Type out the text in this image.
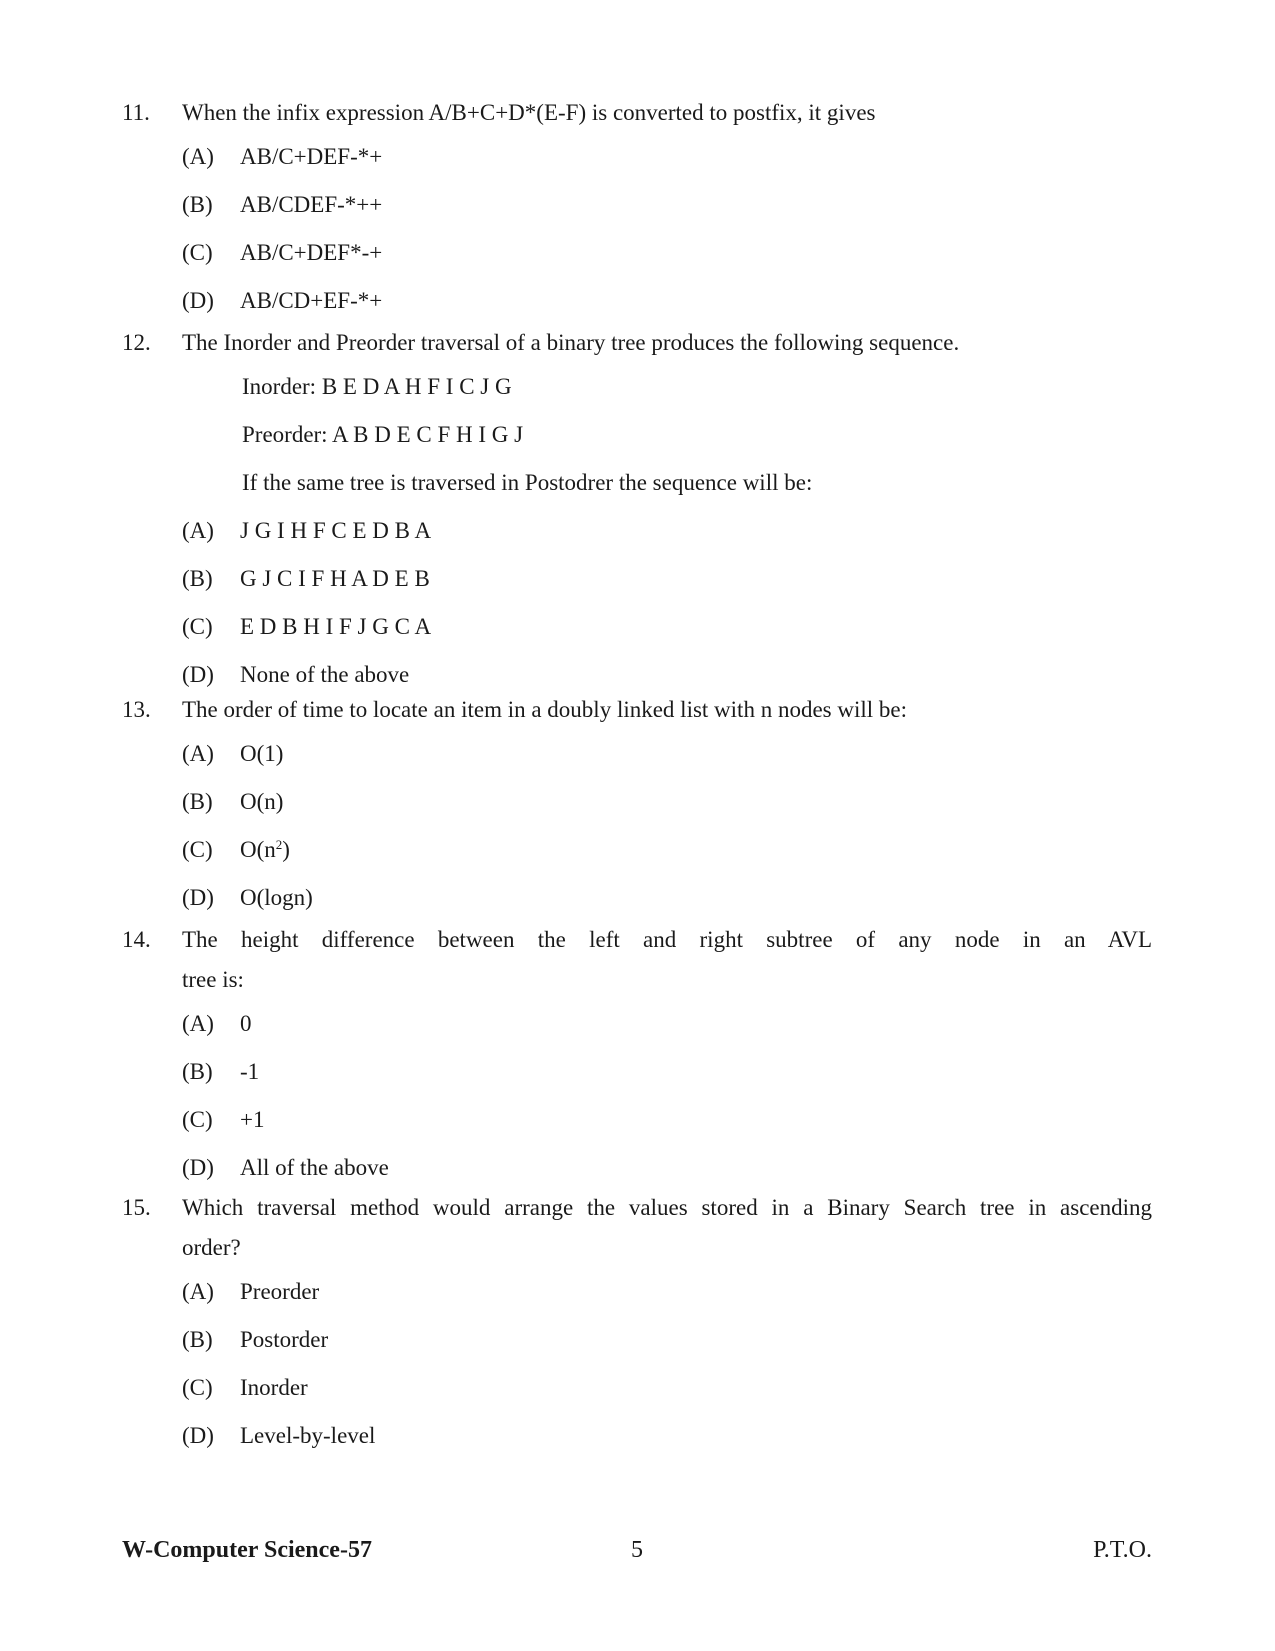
11.	When the infix expression A/B+C+D*(E-F) is converted to postfix, it gives
(A)	AB/C+DEF-*+
(B)	AB/CDEF-*++
(C)	AB/C+DEF*-+
(D)	AB/CD+EF-*+
12.	The Inorder and Preorder traversal of a binary tree produces the following sequence.
Inorder: B E D A H F I C J G
Preorder: A B D E C F H I G J
If the same tree is traversed in Postodrer the sequence will be:
(A)	J G I H F C E D B A
(B)	G J C I F H A D E B
(C)	E D B H I F J G C A
(D)	None of the above
13.	The order of time to locate an item in a doubly linked list with n nodes will be:
(A)	O(1)
(B)	O(n)
(C)	$O(n^2)$
(D)	O(logn)
14.	The height difference between the left and right subtree of any node in an AVL
tree is:
(A)	0
(B)	-1
(C)	+1
(D)	All of the above
15.	Which traversal method would arrange the values stored in a Binary Search tree in ascending
order?
(A)	Preorder
(B)	Postorder
(C)	Inorder
(D)	Level-by-level
5
W-Computer Science-57	P.T.O.
